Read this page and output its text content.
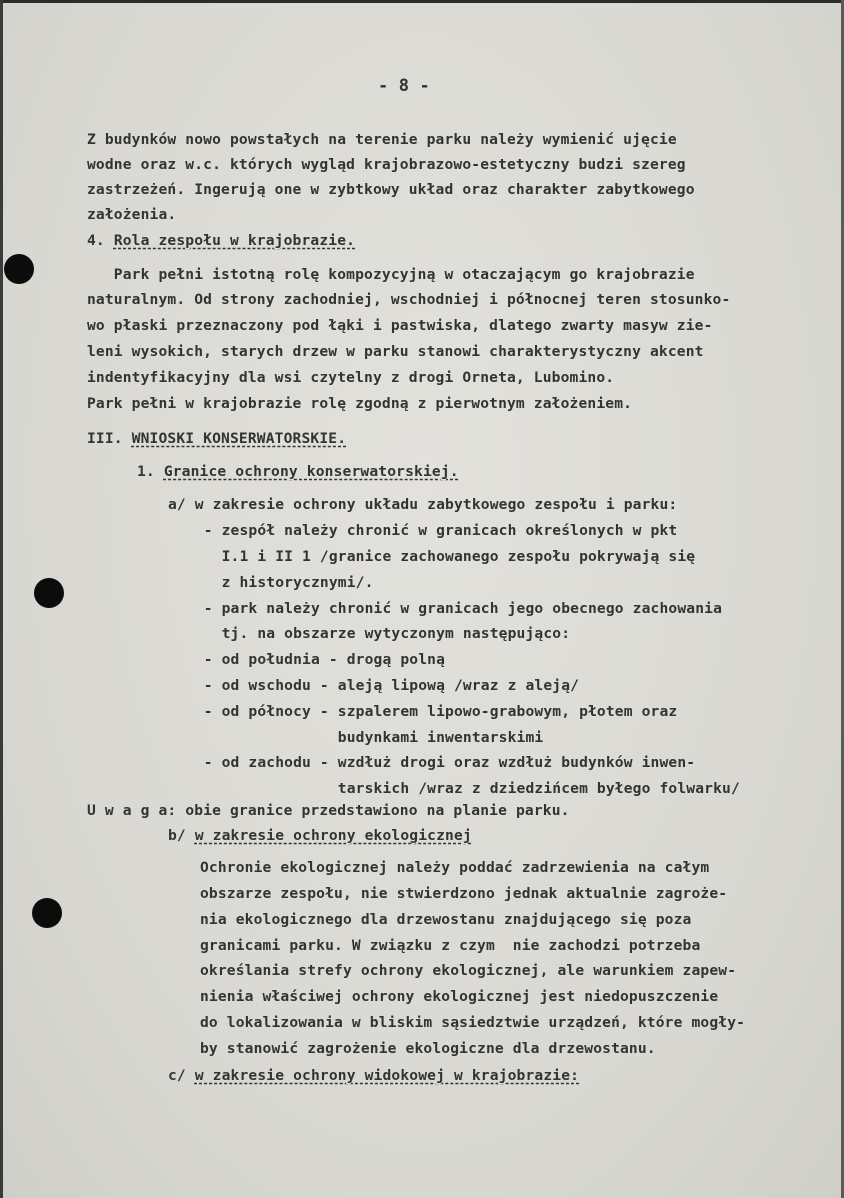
- 8 -
Z budynków nowo powstałych na terenie parku należy wymienić ujęcie
wodne oraz w.c. których wygląd krajobrazowo-estetyczny budzi szereg
zastrzeżeń. Ingerują one w zybtkowy układ oraz charakter zabytkowego
założenia.
4. Rola zespołu w krajobrazie.
Park pełni istotną rolę kompozycyjną w otaczającym go krajobrazie
naturalnym. Od strony zachodniej, wschodniej i północnej teren stosunko-
wo płaski przeznaczony pod łąki i pastwiska, dlatego zwarty masyw zie-
leni wysokich, starych drzew w parku stanowi charakterystyczny akcent
indentyfikacyjny dla wsi czytelny z drogi Orneta, Lubomino.
Park pełni w krajobrazie rolę zgodną z pierwotnym założeniem.
III. WNIOSKI KONSERWATORSKIE.
1. Granice ochrony konserwatorskiej.
a/ w zakresie ochrony układu zabytkowego zespołu i parku:
- zespół należy chronić w granicach określonych w pkt
I.1 i II 1 /granice zachowanego zespołu pokrywają się
z historycznymi/.
- park należy chronić w granicach jego obecnego zachowania
tj. na obszarze wytyczonym następująco:
- od południa - drogą polną
- od wschodu - aleją lipową /wraz z aleją/
- od północy - szpalerem lipowo-grabowym, płotem oraz
budynkami inwentarskimi
- od zachodu - wzdłuż drogi oraz wzdłuż budynków inwen-
tarskich /wraz z dziedzińcem byłego folwarku/
U w a g a: obie granice przedstawiono na planie parku.
b/ w zakresie ochrony ekologicznej
Ochronie ekologicznej należy poddać zadrzewienia na całym
obszarze zespołu, nie stwierdzono jednak aktualnie zagroże-
nia ekologicznego dla drzewostanu znajdującego się poza
granicami parku. W związku z czym  nie zachodzi potrzeba
określania strefy ochrony ekologicznej, ale warunkiem zapew-
nienia właściwej ochrony ekologicznej jest niedopuszczenie
do lokalizowania w bliskim sąsiedztwie urządzeń, które mogły-
by stanowić zagrożenie ekologiczne dla drzewostanu.
c/ w zakresie ochrony widokowej w krajobrazie:
